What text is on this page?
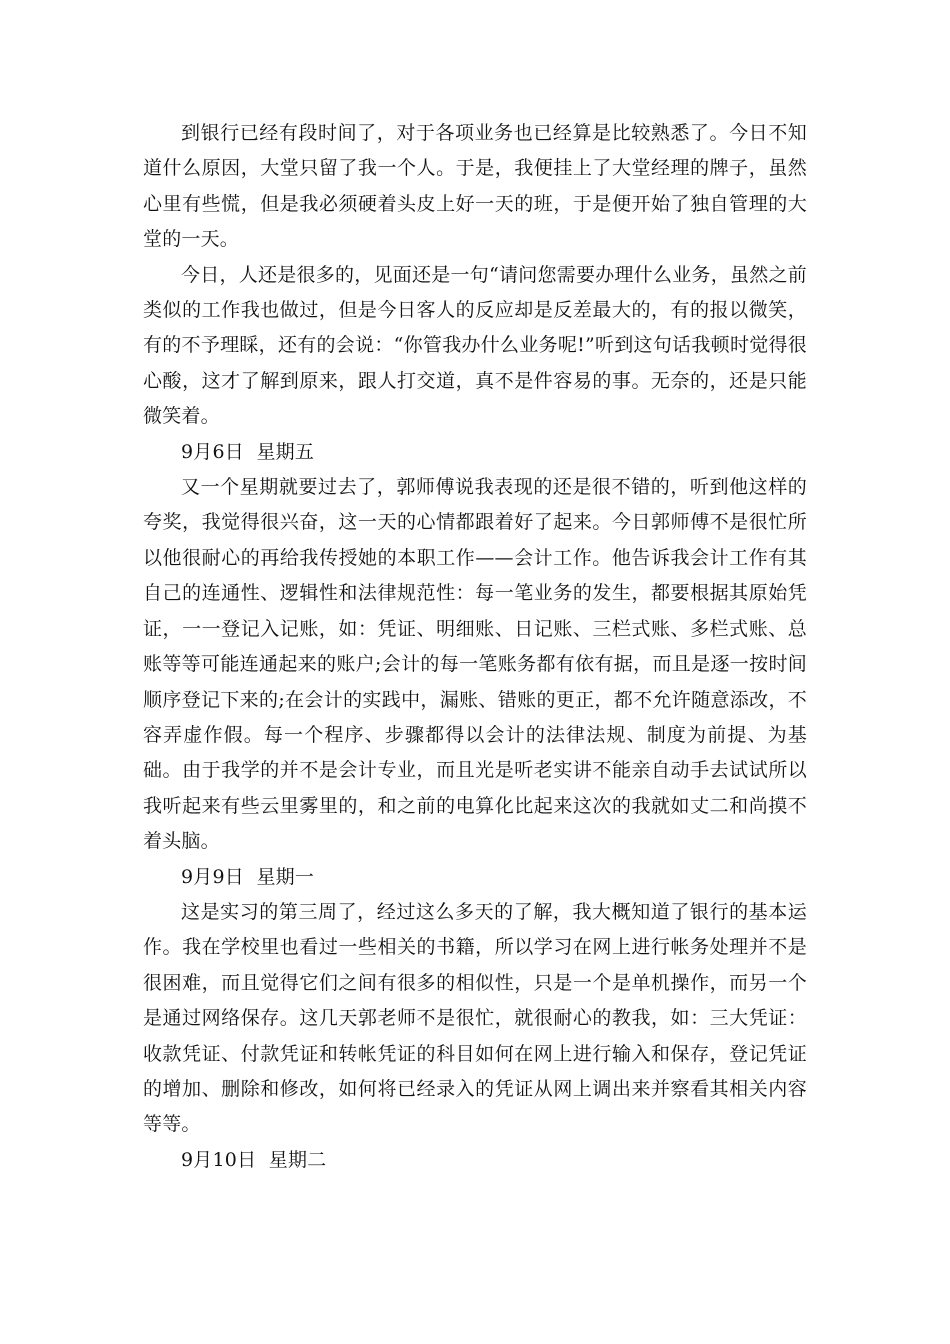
到银行已经有段时间了，对于各项业务也已经算是比较熟悉了。今日不知道什么原因，大堂只留了我一个人。于是，我便挂上了大堂经理的牌子，虽然心里有些慌，但是我必须硬着头皮上好一天的班，于是便开始了独自管理的大堂的一天。

今日，人还是很多的，见面还是一句“请问您需要办理什么业务，虽然之前类似的工作我也做过，但是今日客人的反应却是反差最大的，有的报以微笑，有的不予理睬，还有的会说：“你管我办什么业务呢!”听到这句话我顿时觉得很心酸，这才了解到原来，跟人打交道，真不是件容易的事。无奈的，还是只能微笑着。

9月6日  星期五

又一个星期就要过去了，郭师傅说我表现的还是很不错的，听到他这样的夸奖，我觉得很兴奋，这一天的心情都跟着好了起来。今日郭师傅不是很忙所以他很耐心的再给我传授她的本职工作——会计工作。他告诉我会计工作有其自己的连通性、逻辑性和法律规范性：每一笔业务的发生，都要根据其原始凭证，一一登记入记账，如：凭证、明细账、日记账、三栏式账、多栏式账、总账等等可能连通起来的账户;会计的每一笔账务都有依有据，而且是逐一按时间顺序登记下来的;在会计的实践中，漏账、错账的更正，都不允许随意添改，不容弄虚作假。每一个程序、步骤都得以会计的法律法规、制度为前提、为基础。由于我学的并不是会计专业，而且光是听老实讲不能亲自动手去试试所以我听起来有些云里雾里的，和之前的电算化比起来这次的我就如丈二和尚摸不着头脑。

9月9日  星期一

这是实习的第三周了，经过这么多天的了解，我大概知道了银行的基本运作。我在学校里也看过一些相关的书籍，所以学习在网上进行帐务处理并不是很困难，而且觉得它们之间有很多的相似性，只是一个是单机操作，而另一个是通过网络保存。这几天郭老师不是很忙，就很耐心的教我，如：三大凭证：收款凭证、付款凭证和转帐凭证的科目如何在网上进行输入和保存，登记凭证的增加、删除和修改，如何将已经录入的凭证从网上调出来并察看其相关内容等等。

9月10日  星期二
